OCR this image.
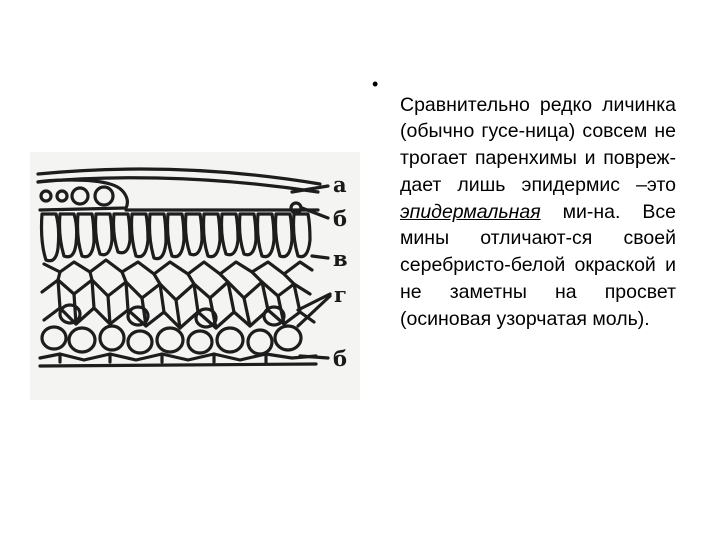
а
б
в
г
б
•

Сравнительно редко личинка (обычно гусе-ница) совсем не трогает паренхимы и повреж-дает лишь эпидермис –это эпидермальная ми-на. Все мины отличают-ся своей серебристо-белой окраской и не заметны на просвет (осиновая узорчатая моль).
